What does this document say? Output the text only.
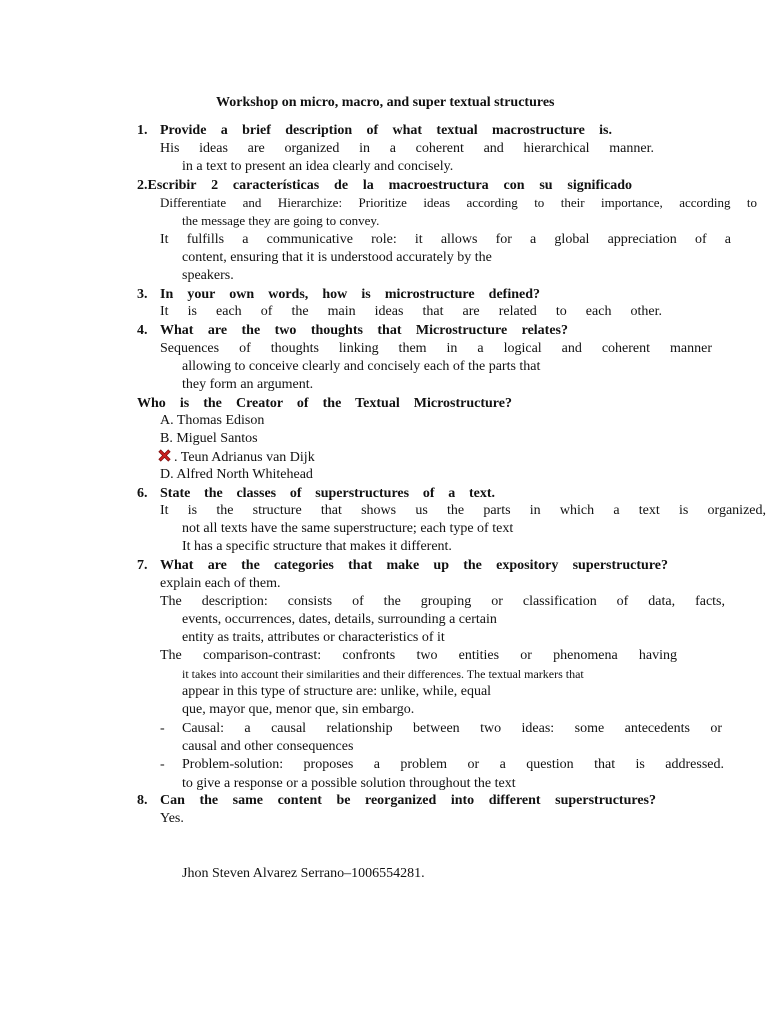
Workshop on micro, macro, and super textual structures

1. Provide a brief description of what textual macrostructure is.

His ideas are organized in a coherent and hierarchical manner.

in a text to present an idea clearly and concisely.

2.Escribir 2 características de la macroestructura con su significado

Differentiate and Hierarchize: Prioritize ideas according to their importance, according to

the message they are going to convey.

It fulfills a communicative role: it allows for a global appreciation of a

content, ensuring that it is understood accurately by the

speakers.

3. In your own words, how is microstructure defined?

It is each of the main ideas that are related to each other.

4. What are the two thoughts that Microstructure relates?

Sequences of thoughts linking them in a logical and coherent manner

allowing to conceive clearly and concisely each of the parts that

they form an argument.

Who is the Creator of the Textual Microstructure?

A. Thomas Edison

B. Miguel Santos

. Teun Adrianus van Dijk

D. Alfred North Whitehead

6. State the classes of superstructures of a text.

It is the structure that shows us the parts in which a text is organized,

not all texts have the same superstructure; each type of text

It has a specific structure that makes it different.

7. What are the categories that make up the expository superstructure?

explain each of them.

The description: consists of the grouping or classification of data, facts,

events, occurrences, dates, details, surrounding a certain

entity as traits, attributes or characteristics of it

The comparison-contrast: confronts two entities or phenomena having

it takes into account their similarities and their differences. The textual markers that

appear in this type of structure are: unlike, while, equal

que, mayor que, menor que, sin embargo.

- Causal: a causal relationship between two ideas: some antecedents or

causal and other consequences

- Problem-solution: proposes a problem or a question that is addressed.

to give a response or a possible solution throughout the text

8. Can the same content be reorganized into different superstructures?

Yes.

Jhon Steven Alvarez Serrano–1006554281.
